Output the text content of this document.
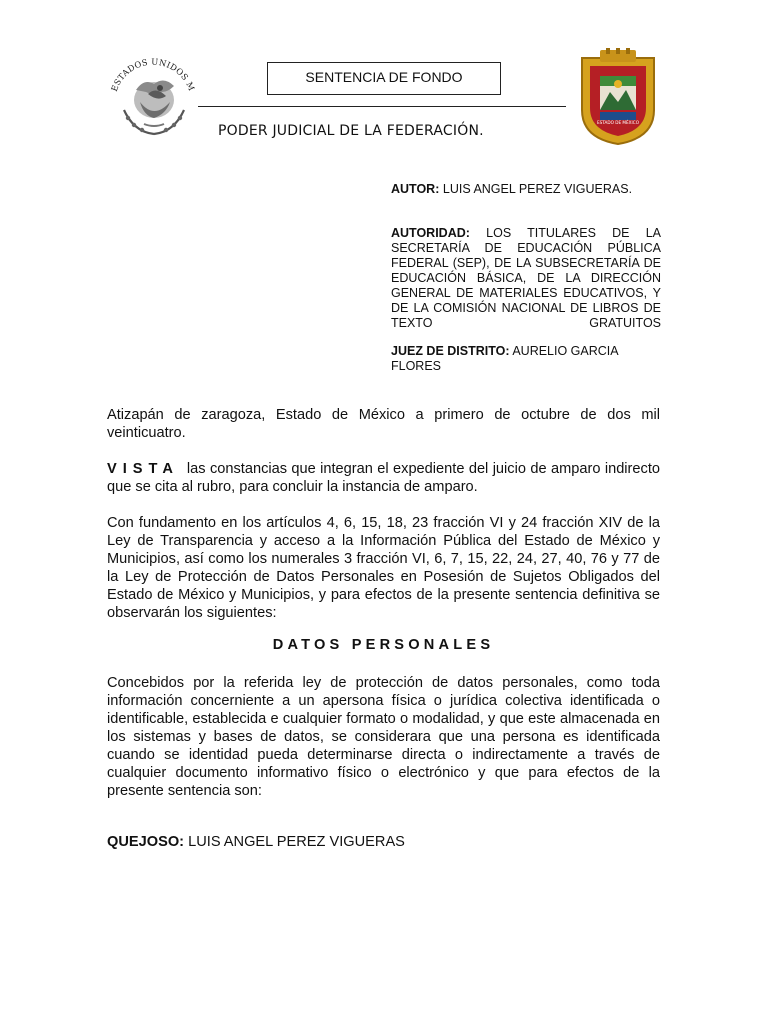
ESTADOS UNIDOS M
SENTENCIA DE FONDO
PODER JUDICIAL DE LA FEDERACIÓN.
ESTADO DE MÉXICO
AUTOR: LUIS ANGEL PEREZ VIGUERAS.
AUTORIDAD: LOS TITULARES DE LA SECRETARÍA DE EDUCACIÓN PÚBLICA FEDERAL (SEP), DE LA SUBSECRETARÍA DE EDUCACIÓN BÁSICA, DE LA DIRECCIÓN GENERAL DE MATERIALES EDUCATIVOS, Y DE LA COMISIÓN NACIONAL DE LIBROS DE TEXTO	GRATUITOS
JUEZ DE DISTRITO: AURELIO GARCIA FLORES
Atizapán de zaragoza, Estado de México a primero de octubre de dos mil veinticuatro.
VISTA las constancias que integran el expediente del juicio de amparo indirecto que se cita al rubro, para concluir la instancia de amparo.
Con fundamento en los artículos 4, 6, 15, 18, 23 fracción VI y 24 fracción XIV de la Ley de Transparencia y acceso a la Información Pública del Estado de México y Municipios, así como los numerales 3 fracción VI, 6, 7, 15, 22, 24, 27, 40, 76 y 77 de la Ley de Protección de Datos Personales en Posesión de Sujetos Obligados del Estado de México y Municipios, y para efectos de la presente sentencia definitiva se observarán los siguientes:
DATOS PERSONALES
Concebidos por la referida ley de protección de datos personales, como toda información concerniente a un apersona física o jurídica colectiva identificada o identificable, establecida e cualquier formato o modalidad, y que este almacenada en los sistemas y bases de datos, se considerara que una persona es identificada cuando se identidad pueda determinarse directa o indirectamente a través de cualquier documento informativo físico o electrónico y que para efectos de la presente sentencia son:
QUEJOSO: LUIS ANGEL PEREZ VIGUERAS
